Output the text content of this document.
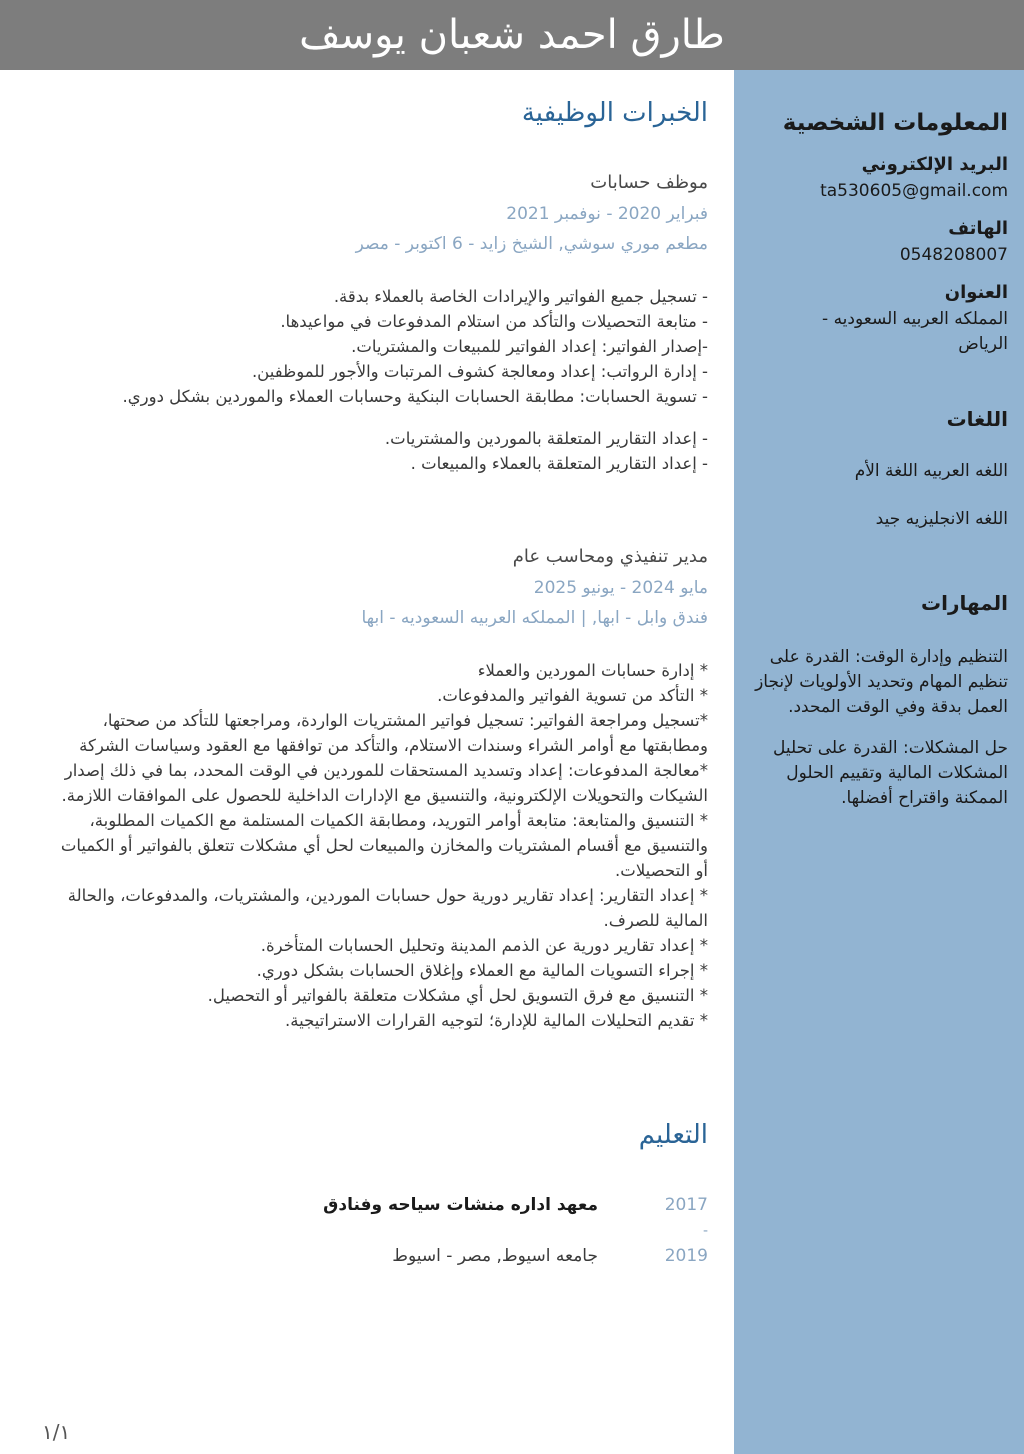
طارق احمد شعبان يوسف
المعلومات الشخصية
البريد الإلكتروني
ta530605@gmail.com
الهاتف
0548208007
العنوان
المملكه العربيه السعوديه -
الرياض
اللغات
اللغه العربيه اللغة الأم
اللغه الانجليزيه جيد
المهارات
التنظيم وإدارة الوقت: القدرة على تنظيم المهام وتحديد الأولويات لإنجاز العمل بدقة وفي الوقت المحدد.
حل المشكلات: القدرة على تحليل المشكلات المالية وتقييم الحلول الممكنة واقتراح أفضلها.
الخبرات الوظيفية
موظف حسابات
فبراير 2020 - نوفمبر 2021
مطعم موري سوشي, الشيخ زايد - 6 اكتوبر - مصر
- تسجيل جميع الفواتير والإيرادات الخاصة بالعملاء بدقة.
- متابعة التحصيلات والتأكد من استلام المدفوعات في مواعيدها.
-إصدار الفواتير: إعداد الفواتير للمبيعات والمشتريات.
- إدارة الرواتب: إعداد ومعالجة كشوف المرتبات والأجور للموظفين.
- تسوية الحسابات: مطابقة الحسابات البنكية وحسابات العملاء والموردين بشكل دوري.
- إعداد التقارير المتعلقة بالموردين والمشتريات.
- إعداد التقارير المتعلقة بالعملاء والمبيعات .
مدير تنفيذي ومحاسب عام
مايو 2024 - يونيو 2025
فندق وابل - ابها, | المملكه العربيه السعوديه - ابها
* إدارة حسابات الموردين والعملاء
* التأكد من تسوية الفواتير والمدفوعات.
*تسجيل ومراجعة الفواتير: تسجيل فواتير المشتريات الواردة، ومراجعتها للتأكد من صحتها، ومطابقتها مع أوامر الشراء وسندات الاستلام، والتأكد من توافقها مع العقود وسياسات الشركة
*معالجة المدفوعات: إعداد وتسديد المستحقات للموردين في الوقت المحدد، بما في ذلك إصدار الشيكات والتحويلات الإلكترونية، والتنسيق مع الإدارات الداخلية للحصول على الموافقات اللازمة.
* التنسيق والمتابعة: متابعة أوامر التوريد، ومطابقة الكميات المستلمة مع الكميات المطلوبة، والتنسيق مع أقسام المشتريات والمخازن والمبيعات لحل أي مشكلات تتعلق بالفواتير أو الكميات أو التحصيلات.
* إعداد التقارير: إعداد تقارير دورية حول حسابات الموردين، والمشتريات، والمدفوعات، والحالة المالية للصرف.
* إعداد تقارير دورية عن الذمم المدينة وتحليل الحسابات المتأخرة.
* إجراء التسويات المالية مع العملاء وإغلاق الحسابات بشكل دوري.
* التنسيق مع فرق التسويق لحل أي مشكلات متعلقة بالفواتير أو التحصيل.
* تقديم التحليلات المالية للإدارة؛ لتوجيه القرارات الاستراتيجية.
التعليم
2017
-
2019
معهد اداره منشات سياحه وفنادق
جامعه اسيوط, مصر - اسيوط
١/١
